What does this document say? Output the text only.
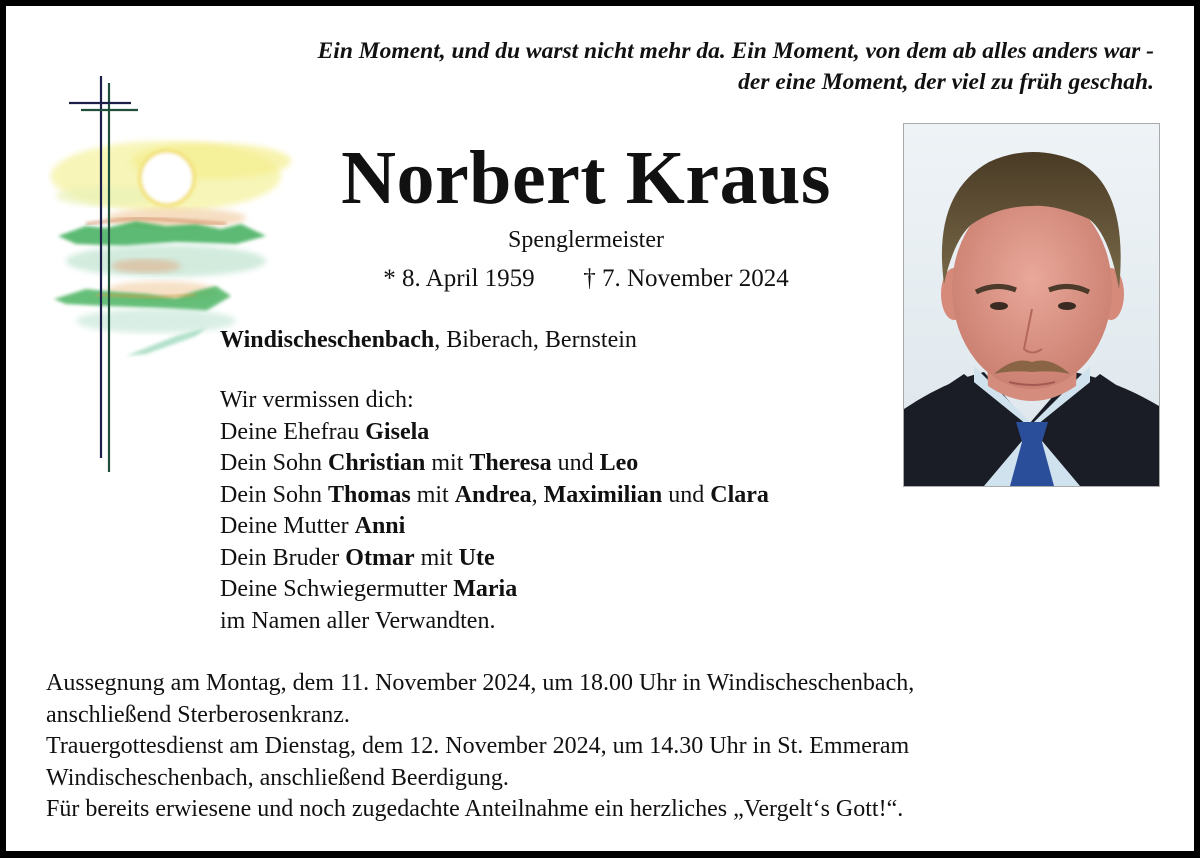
Ein Moment, und du warst nicht mehr da. Ein Moment, von dem ab alles anders war -
der eine Moment, der viel zu früh geschah.
Norbert Kraus
Spenglermeister
* 8. April 1959 † 7. November 2024
Windischeschenbach, Biberach, Bernstein
Wir vermissen dich:
Deine Ehefrau Gisela
Dein Sohn Christian mit Theresa und Leo
Dein Sohn Thomas mit Andrea, Maximilian und Clara
Deine Mutter Anni
Dein Bruder Otmar mit Ute
Deine Schwiegermutter Maria
im Namen aller Verwandten.
Aussegnung am Montag, dem 11. November 2024, um 18.00 Uhr in Windischeschenbach,
anschließend Sterberosenkranz.
Trauergottesdienst am Dienstag, dem 12. November 2024, um 14.30 Uhr in St. Emmeram
Windischeschenbach, anschließend Beerdigung.
Für bereits erwiesene und noch zugedachte Anteilnahme ein herzliches „Vergelt‘s Gott!“.
